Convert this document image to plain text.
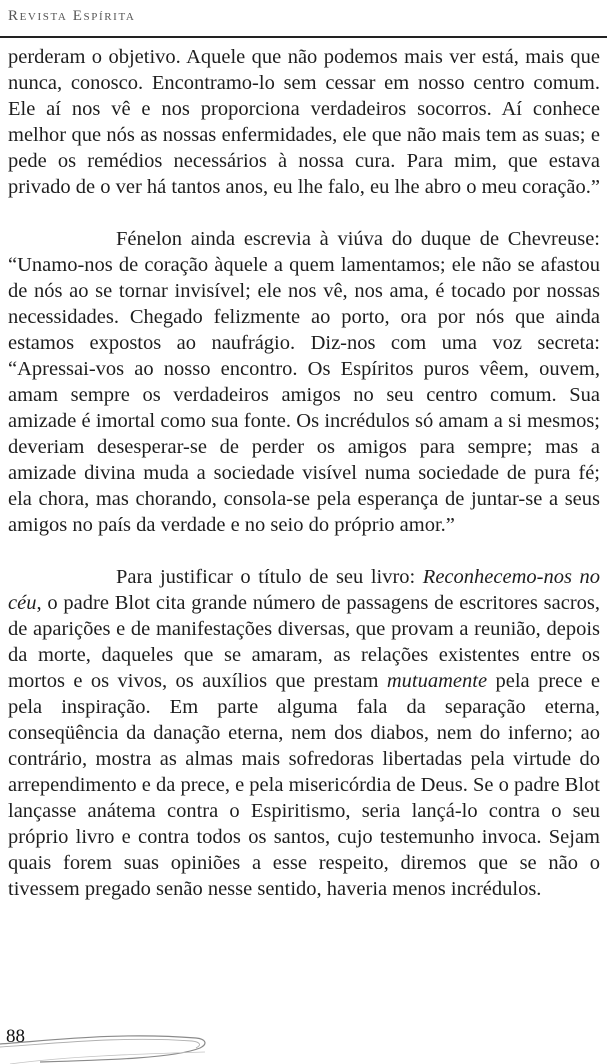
Revista Espírita

perderam o objetivo. Aquele que não podemos mais ver está, mais que nunca, conosco. Encontramo-lo sem cessar em nosso centro comum. Ele aí nos vê e nos proporciona verdadeiros socorros. Aí conhece melhor que nós as nossas enfermidades, ele que não mais tem as suas; e pede os remédios necessários à nossa cura. Para mim, que estava privado de o ver há tantos anos, eu lhe falo, eu lhe abro o meu coração.”

Fénelon ainda escrevia à viúva do duque de Chevreuse: “Unamo-nos de coração àquele a quem lamentamos; ele não se afastou de nós ao se tornar invisível; ele nos vê, nos ama, é tocado por nossas necessidades. Chegado felizmente ao porto, ora por nós que ainda estamos expostos ao naufrágio. Diz-nos com uma voz secreta: “Apressai-vos ao nosso encontro. Os Espíritos puros vêem, ouvem, amam sempre os verdadeiros amigos no seu centro comum. Sua amizade é imortal como sua fonte. Os incrédulos só amam a si mesmos; deveriam desesperar-se de perder os amigos para sempre; mas a amizade divina muda a sociedade visível numa sociedade de pura fé; ela chora, mas chorando, consola-se pela esperança de juntar-se a seus amigos no país da verdade e no seio do próprio amor.”

Para justificar o título de seu livro: Reconhecemo-nos no céu, o padre Blot cita grande número de passagens de escritores sacros, de aparições e de manifestações diversas, que provam a reunião, depois da morte, daqueles que se amaram, as relações existentes entre os mortos e os vivos, os auxílios que prestam mutuamente pela prece e pela inspiração. Em parte alguma fala da separação eterna, conseqüência da danação eterna, nem dos diabos, nem do inferno; ao contrário, mostra as almas mais sofredoras libertadas pela virtude do arrependimento e da prece, e pela misericórdia de Deus. Se o padre Blot lançasse anátema contra o Espiritismo, seria lançá-lo contra o seu próprio livro e contra todos os santos, cujo testemunho invoca. Sejam quais forem suas opiniões a esse respeito, diremos que se não o tivessem pregado senão nesse sentido, haveria menos incrédulos.

88
